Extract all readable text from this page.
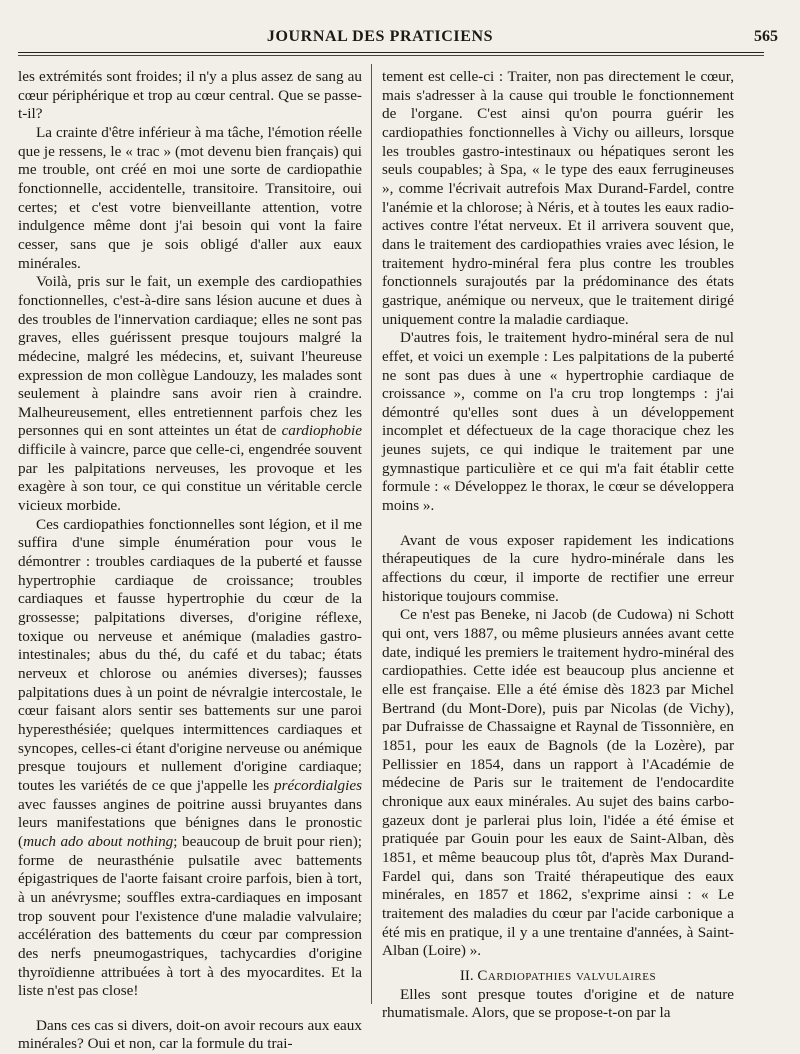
JOURNAL DES PRATICIENS	565

les extrémités sont froides; il n'y a plus assez de sang au cœur périphérique et trop au cœur central. Que se passe-t-il?

La crainte d'être inférieur à ma tâche, l'émotion réelle que je ressens, le « trac » (mot devenu bien français) qui me trouble, ont créé en moi une sorte de cardiopathie fonctionnelle, accidentelle, transitoire. Transitoire, oui certes; et c'est votre bienveillante attention, votre indulgence même dont j'ai besoin qui vont la faire cesser, sans que je sois obligé d'aller aux eaux minérales.

Voilà, pris sur le fait, un exemple des cardiopathies fonctionnelles, c'est-à-dire sans lésion aucune et dues à des troubles de l'innervation cardiaque; elles ne sont pas graves, elles guérissent presque toujours malgré la médecine, malgré les médecins, et, suivant l'heureuse expression de mon collègue Landouzy, les malades sont seulement à plaindre sans avoir rien à craindre. Malheureusement, elles entretiennent parfois chez les personnes qui en sont atteintes un état de cardiophobie difficile à vaincre, parce que celle-ci, engendrée souvent par les palpitations nerveuses, les provoque et les exagère à son tour, ce qui constitue un véritable cercle vicieux morbide.

Ces cardiopathies fonctionnelles sont légion, et il me suffira d'une simple énumération pour vous le démontrer : troubles cardiaques de la puberté et fausse hypertrophie cardiaque de croissance; troubles cardiaques et fausse hypertrophie du cœur de la grossesse; palpitations diverses, d'origine réflexe, toxique ou nerveuse et anémique (maladies gastro-intestinales; abus du thé, du café et du tabac; états nerveux et chlorose ou anémies diverses); fausses palpitations dues à un point de névralgie intercostale, le cœur faisant alors sentir ses battements sur une paroi hyperesthésiée; quelques intermittences cardiaques et syncopes, celles-ci étant d'origine nerveuse ou anémique presque toujours et nullement d'origine cardiaque; toutes les variétés de ce que j'appelle les précordialgies avec fausses angines de poitrine aussi bruyantes dans leurs manifestations que bénignes dans le pronostic (much ado about nothing; beaucoup de bruit pour rien); forme de neurasthénie pulsatile avec battements épigastriques de l'aorte faisant croire parfois, bien à tort, à un anévrysme; souffles extra-cardiaques en imposant trop souvent pour l'existence d'une maladie valvulaire; accélération des battements du cœur par compression des nerfs pneumogastriques, tachycardies d'origine thyroïdienne attribuées à tort à des myocardites. Et la liste n'est pas close!

Dans ces cas si divers, doit-on avoir recours aux eaux minérales? Oui et non, car la formule du trai-

tement est celle-ci : Traiter, non pas directement le cœur, mais s'adresser à la cause qui trouble le fonctionnement de l'organe. C'est ainsi qu'on pourra guérir les cardiopathies fonctionnelles à Vichy ou ailleurs, lorsque les troubles gastro-intestinaux ou hépatiques seront les seuls coupables; à Spa, « le type des eaux ferrugineuses », comme l'écrivait autrefois Max Durand-Fardel, contre l'anémie et la chlorose; à Néris, et à toutes les eaux radio-actives contre l'état nerveux. Et il arrivera souvent que, dans le traitement des cardiopathies vraies avec lésion, le traitement hydro-minéral fera plus contre les troubles fonctionnels surajoutés par la prédominance des états gastrique, anémique ou nerveux, que le traitement dirigé uniquement contre la maladie cardiaque.

D'autres fois, le traitement hydro-minéral sera de nul effet, et voici un exemple : Les palpitations de la puberté ne sont pas dues à une « hypertrophie cardiaque de croissance », comme on l'a cru trop longtemps : j'ai démontré qu'elles sont dues à un développement incomplet et défectueux de la cage thoracique chez les jeunes sujets, ce qui indique le traitement par une gymnastique particulière et ce qui m'a fait établir cette formule : « Développez le thorax, le cœur se développera moins ».

Avant de vous exposer rapidement les indications thérapeutiques de la cure hydro-minérale dans les affections du cœur, il importe de rectifier une erreur historique toujours commise.

Ce n'est pas Beneke, ni Jacob (de Cudowa) ni Schott qui ont, vers 1887, ou même plusieurs années avant cette date, indiqué les premiers le traitement hydro-minéral des cardiopathies. Cette idée est beaucoup plus ancienne et elle est française. Elle a été émise dès 1823 par Michel Bertrand (du Mont-Dore), puis par Nicolas (de Vichy), par Dufraisse de Chassaigne et Raynal de Tissonnière, en 1851, pour les eaux de Bagnols (de la Lozère), par Pellissier en 1854, dans un rapport à l'Académie de médecine de Paris sur le traitement de l'endocardite chronique aux eaux minérales. Au sujet des bains carbo-gazeux dont je parlerai plus loin, l'idée a été émise et pratiquée par Gouin pour les eaux de Saint-Alban, dès 1851, et même beaucoup plus tôt, d'après Max Durand-Fardel qui, dans son Traité thérapeutique des eaux minérales, en 1857 et 1862, s'exprime ainsi : « Le traitement des maladies du cœur par l'acide carbonique a été mis en pratique, il y a une trentaine d'années, à Saint-Alban (Loire) ».

II. Cardiopathies valvulaires

Elles sont presque toutes d'origine et de nature rhumatismale. Alors, que se propose-t-on par la
